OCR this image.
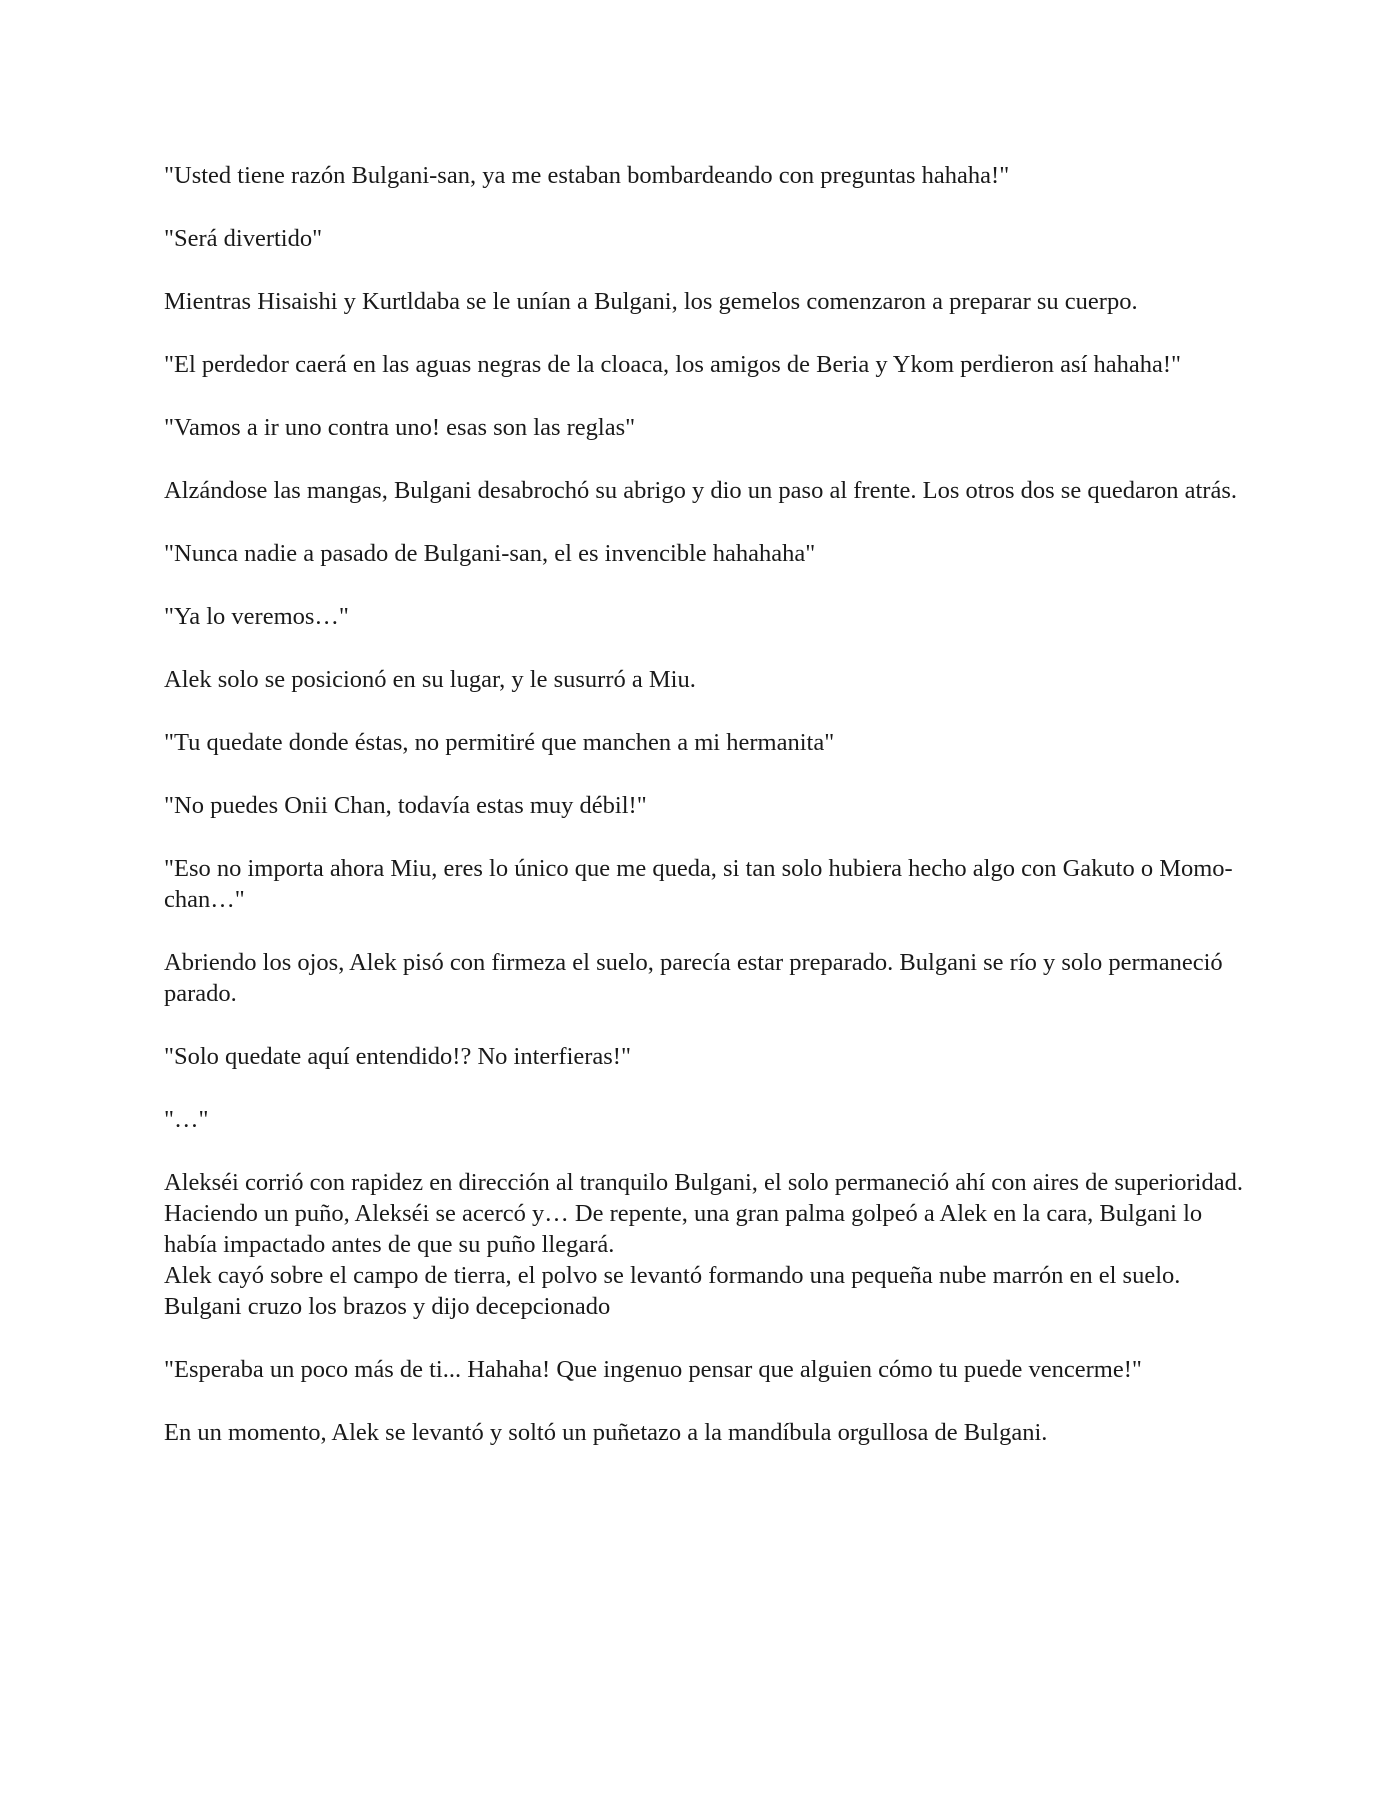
"Usted tiene razón Bulgani-san, ya me estaban bombardeando con preguntas hahaha!"

"Será divertido"

Mientras Hisaishi y Kurtldaba se le unían a Bulgani, los gemelos comenzaron a preparar su cuerpo.

"El perdedor caerá en las aguas negras de la cloaca, los amigos de Beria y Ykom perdieron así hahaha!"

"Vamos a ir uno contra uno! esas son las reglas"

Alzándose las mangas, Bulgani desabrochó su abrigo y dio un paso al frente. Los otros dos se quedaron atrás.

"Nunca nadie a pasado de Bulgani-san, el es invencible hahahaha"

"Ya lo veremos…"

Alek solo se posicionó en su lugar, y le susurró a Miu.

"Tu quedate donde éstas, no permitiré que manchen a mi hermanita"

"No puedes Onii Chan, todavía estas muy débil!"

"Eso no importa ahora Miu, eres lo único que me queda, si tan solo hubiera hecho algo con Gakuto o Momo-chan…"

Abriendo los ojos, Alek pisó con firmeza el suelo, parecía estar preparado. Bulgani se río y solo permaneció parado.

"Solo quedate aquí entendido!? No interfieras!"

"…"

Alekséi corrió con rapidez en dirección al tranquilo Bulgani, el solo permaneció ahí con aires de superioridad.

Haciendo un puño, Alekséi se acercó y… De repente, una gran palma golpeó a Alek en la cara, Bulgani lo había impactado antes de que su puño llegará.

Alek cayó sobre el campo de tierra, el polvo se levantó formando una pequeña nube marrón en el suelo. Bulgani cruzo los brazos y dijo decepcionado

"Esperaba un poco más de ti... Hahaha! Que ingenuo pensar que alguien cómo tu puede vencerme!"

En un momento, Alek se levantó y soltó un puñetazo a la mandíbula orgullosa de Bulgani.
